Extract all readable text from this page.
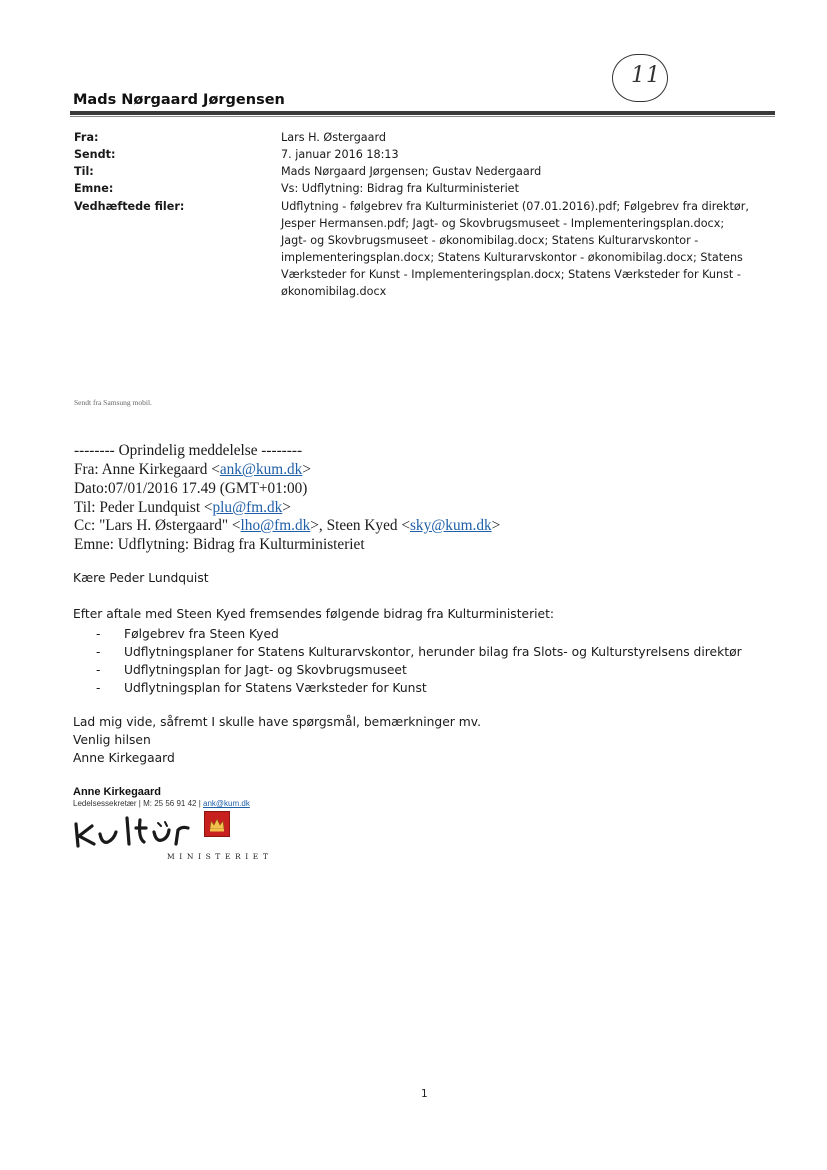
Mads Nørgaard Jørgensen
11
Fra:	Lars H. Østergaard
Sendt:	7. januar 2016 18:13
Til:	Mads Nørgaard Jørgensen; Gustav Nedergaard
Emne:	Vs: Udflytning: Bidrag fra Kulturministeriet
Vedhæftede filer:	Udflytning - følgebrev fra Kulturministeriet (07.01.2016).pdf; Følgebrev fra direktør,
Jesper Hermansen.pdf; Jagt- og Skovbrugsmuseet - Implementeringsplan.docx;
Jagt- og Skovbrugsmuseet - økonomibilag.docx; Statens Kulturarvskontor -
implementeringsplan.docx; Statens Kulturarvskontor - økonomibilag.docx; Statens
Værksteder for Kunst - Implementeringsplan.docx; Statens Værksteder for Kunst -
økonomibilag.docx
Sendt fra Samsung mobil.
-------- Oprindelig meddelelse --------
Fra: Anne Kirkegaard <ank@kum.dk>
Dato:07/01/2016 17.49 (GMT+01:00)
Til: Peder Lundquist <plu@fm.dk>
Cc: "Lars H. Østergaard" <lho@fm.dk>, Steen Kyed <sky@kum.dk>
Emne: Udflytning: Bidrag fra Kulturministeriet
Kære Peder Lundquist
Efter aftale med Steen Kyed fremsendes følgende bidrag fra Kulturministeriet:
- Følgebrev fra Steen Kyed
- Udflytningsplaner for Statens Kulturarvskontor, herunder bilag fra Slots- og Kulturstyrelsens direktør
- Udflytningsplan for Jagt- og Skovbrugsmuseet
- Udflytningsplan for Statens Værksteder for Kunst
Lad mig vide, såfremt I skulle have spørgsmål, bemærkninger mv.
Venlig hilsen
Anne Kirkegaard
Anne Kirkegaard
Ledelsessekretær | M: 25 56 91 42 | ank@kum.dk
MINISTERIET
1
